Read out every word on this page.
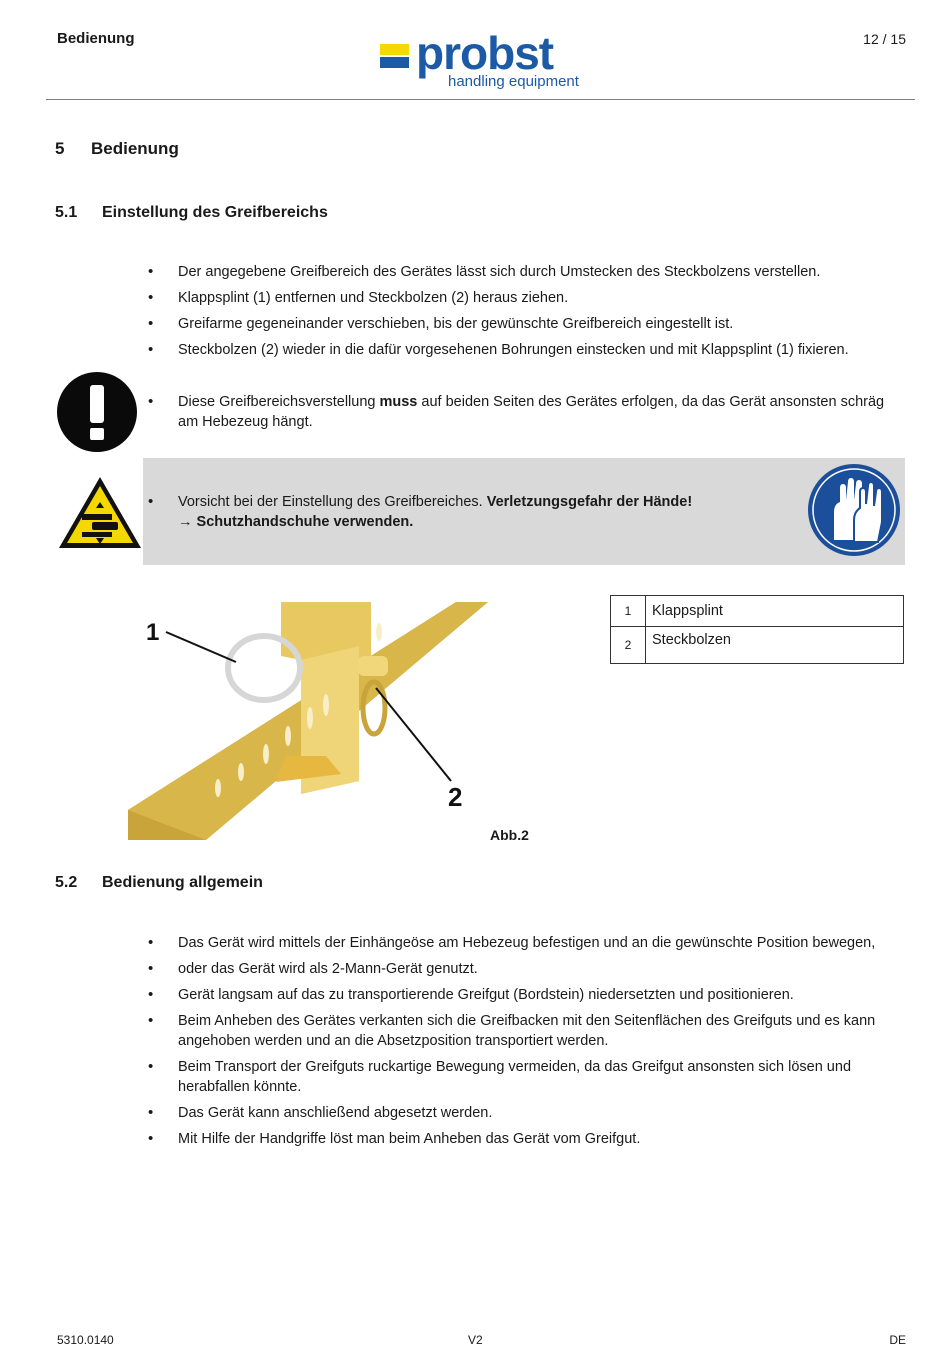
Bedienung	12 / 15
probst
handling equipment
5 Bedienung
5.1 Einstellung des Greifbereichs
• Der angegebene Greifbereich des Gerätes lässt sich durch Umstecken des Steckbolzens verstellen.
• Klappsplint (1) entfernen und Steckbolzen (2) heraus ziehen.
• Greifarme gegeneinander verschieben, bis der gewünschte Greifbereich eingestellt ist.
• Steckbolzen (2) wieder in die dafür vorgesehenen Bohrungen einstecken und mit Klappsplint (1) fixieren.
• Diese Greifbereichsverstellung muss auf beiden Seiten des Gerätes erfolgen, da das Gerät ansonsten schräg am Hebezeug hängt.
• Vorsicht bei der Einstellung des Greifbereiches. Verletzungsgefahr der Hände!
→ Schutzhandschuhe verwenden.
1
2
Abb.2
1	Klappsplint
2	Steckbolzen
5.2 Bedienung allgemein
• Das Gerät wird mittels der Einhängeöse am Hebezeug befestigen und an die gewünschte Position bewegen,
• oder das Gerät wird als 2-Mann-Gerät genutzt.
• Gerät langsam auf das zu transportierende Greifgut (Bordstein) niedersetzten und positionieren.
• Beim Anheben des Gerätes verkanten sich die Greifbacken mit den Seitenflächen des Greifguts und es kann angehoben werden und an die Absetzposition transportiert werden.
• Beim Transport der Greifguts ruckartige Bewegung vermeiden, da das Greifgut ansonsten sich lösen und herabfallen könnte.
• Das Gerät kann anschließend abgesetzt werden.
• Mit Hilfe der Handgriffe löst man beim Anheben das Gerät vom Greifgut.
5310.0140	V2	DE
